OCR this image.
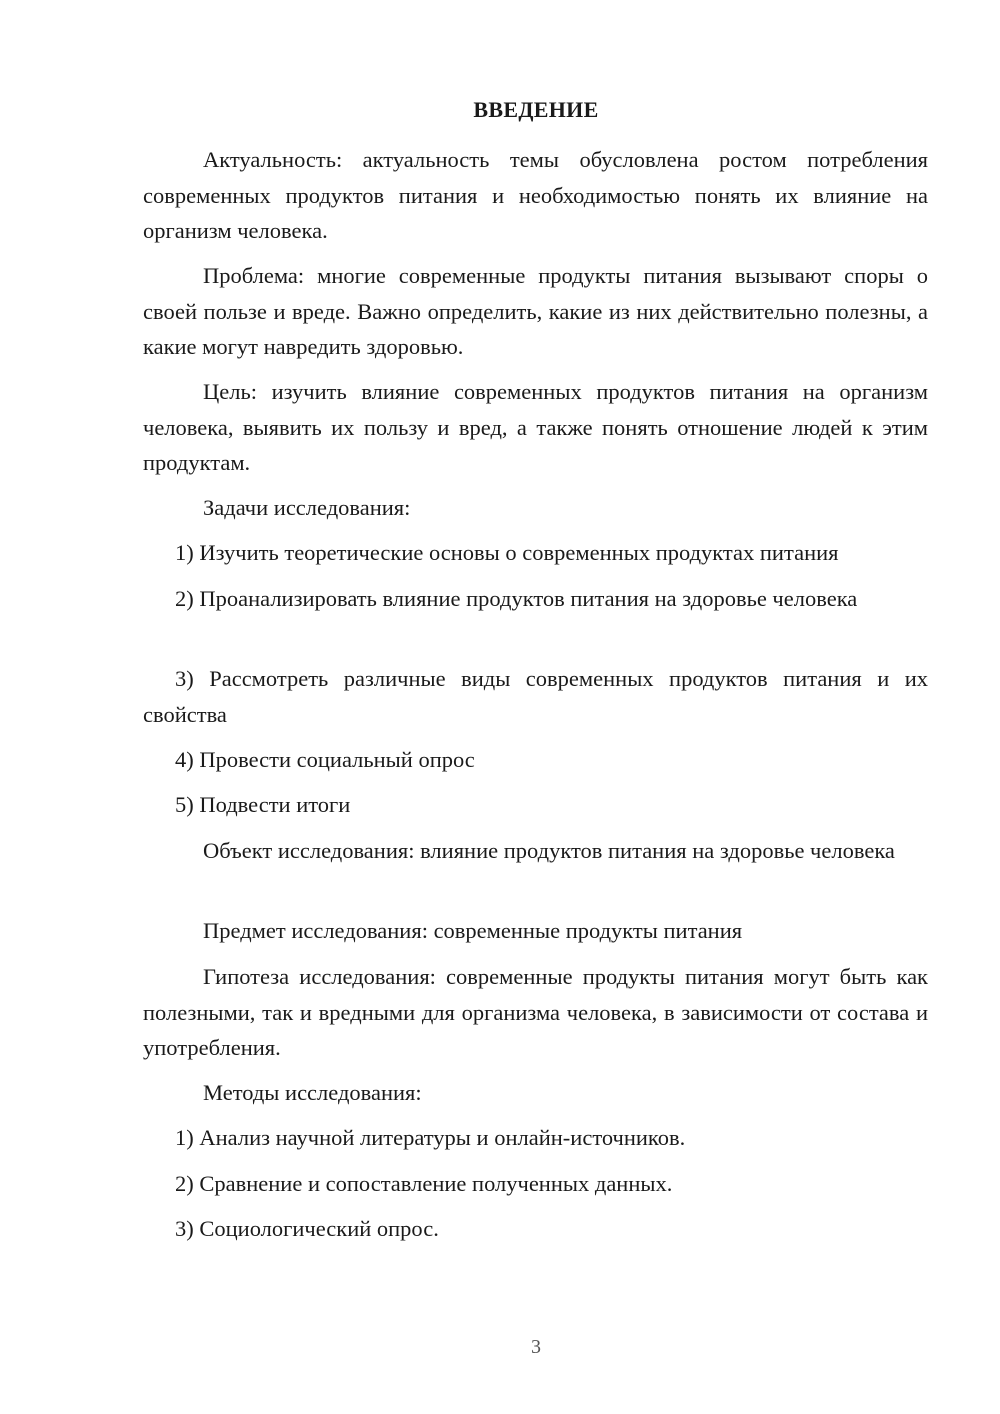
ВВЕДЕНИЕ

Актуальность: актуальность темы обусловлена ростом потребления современных продуктов питания и необходимостью понять их влияние на организм человека.

Проблема: многие современные продукты питания вызывают споры о своей пользе и вреде. Важно определить, какие из них действительно полезны, а какие могут навредить здоровью.

Цель: изучить влияние современных продуктов питания на организм человека, выявить их пользу и вред, а также понять отношение людей к этим продуктам.

Задачи исследования:

1) Изучить теоретические основы о современных продуктах питания

2) Проанализировать влияние продуктов питания на здоровье человека

3) Рассмотреть различные виды современных продуктов питания и их свойства

4) Провести социальный опрос

5) Подвести итоги

Объект исследования: влияние продуктов питания на здоровье человека

Предмет исследования: современные продукты питания

Гипотеза исследования: современные продукты питания могут быть как полезными, так и вредными для организма человека, в зависимости от состава и употребления.

Методы исследования:

1) Анализ научной литературы и онлайн-источников.

2) Сравнение и сопоставление полученных данных.

3) Социологический опрос.

3
